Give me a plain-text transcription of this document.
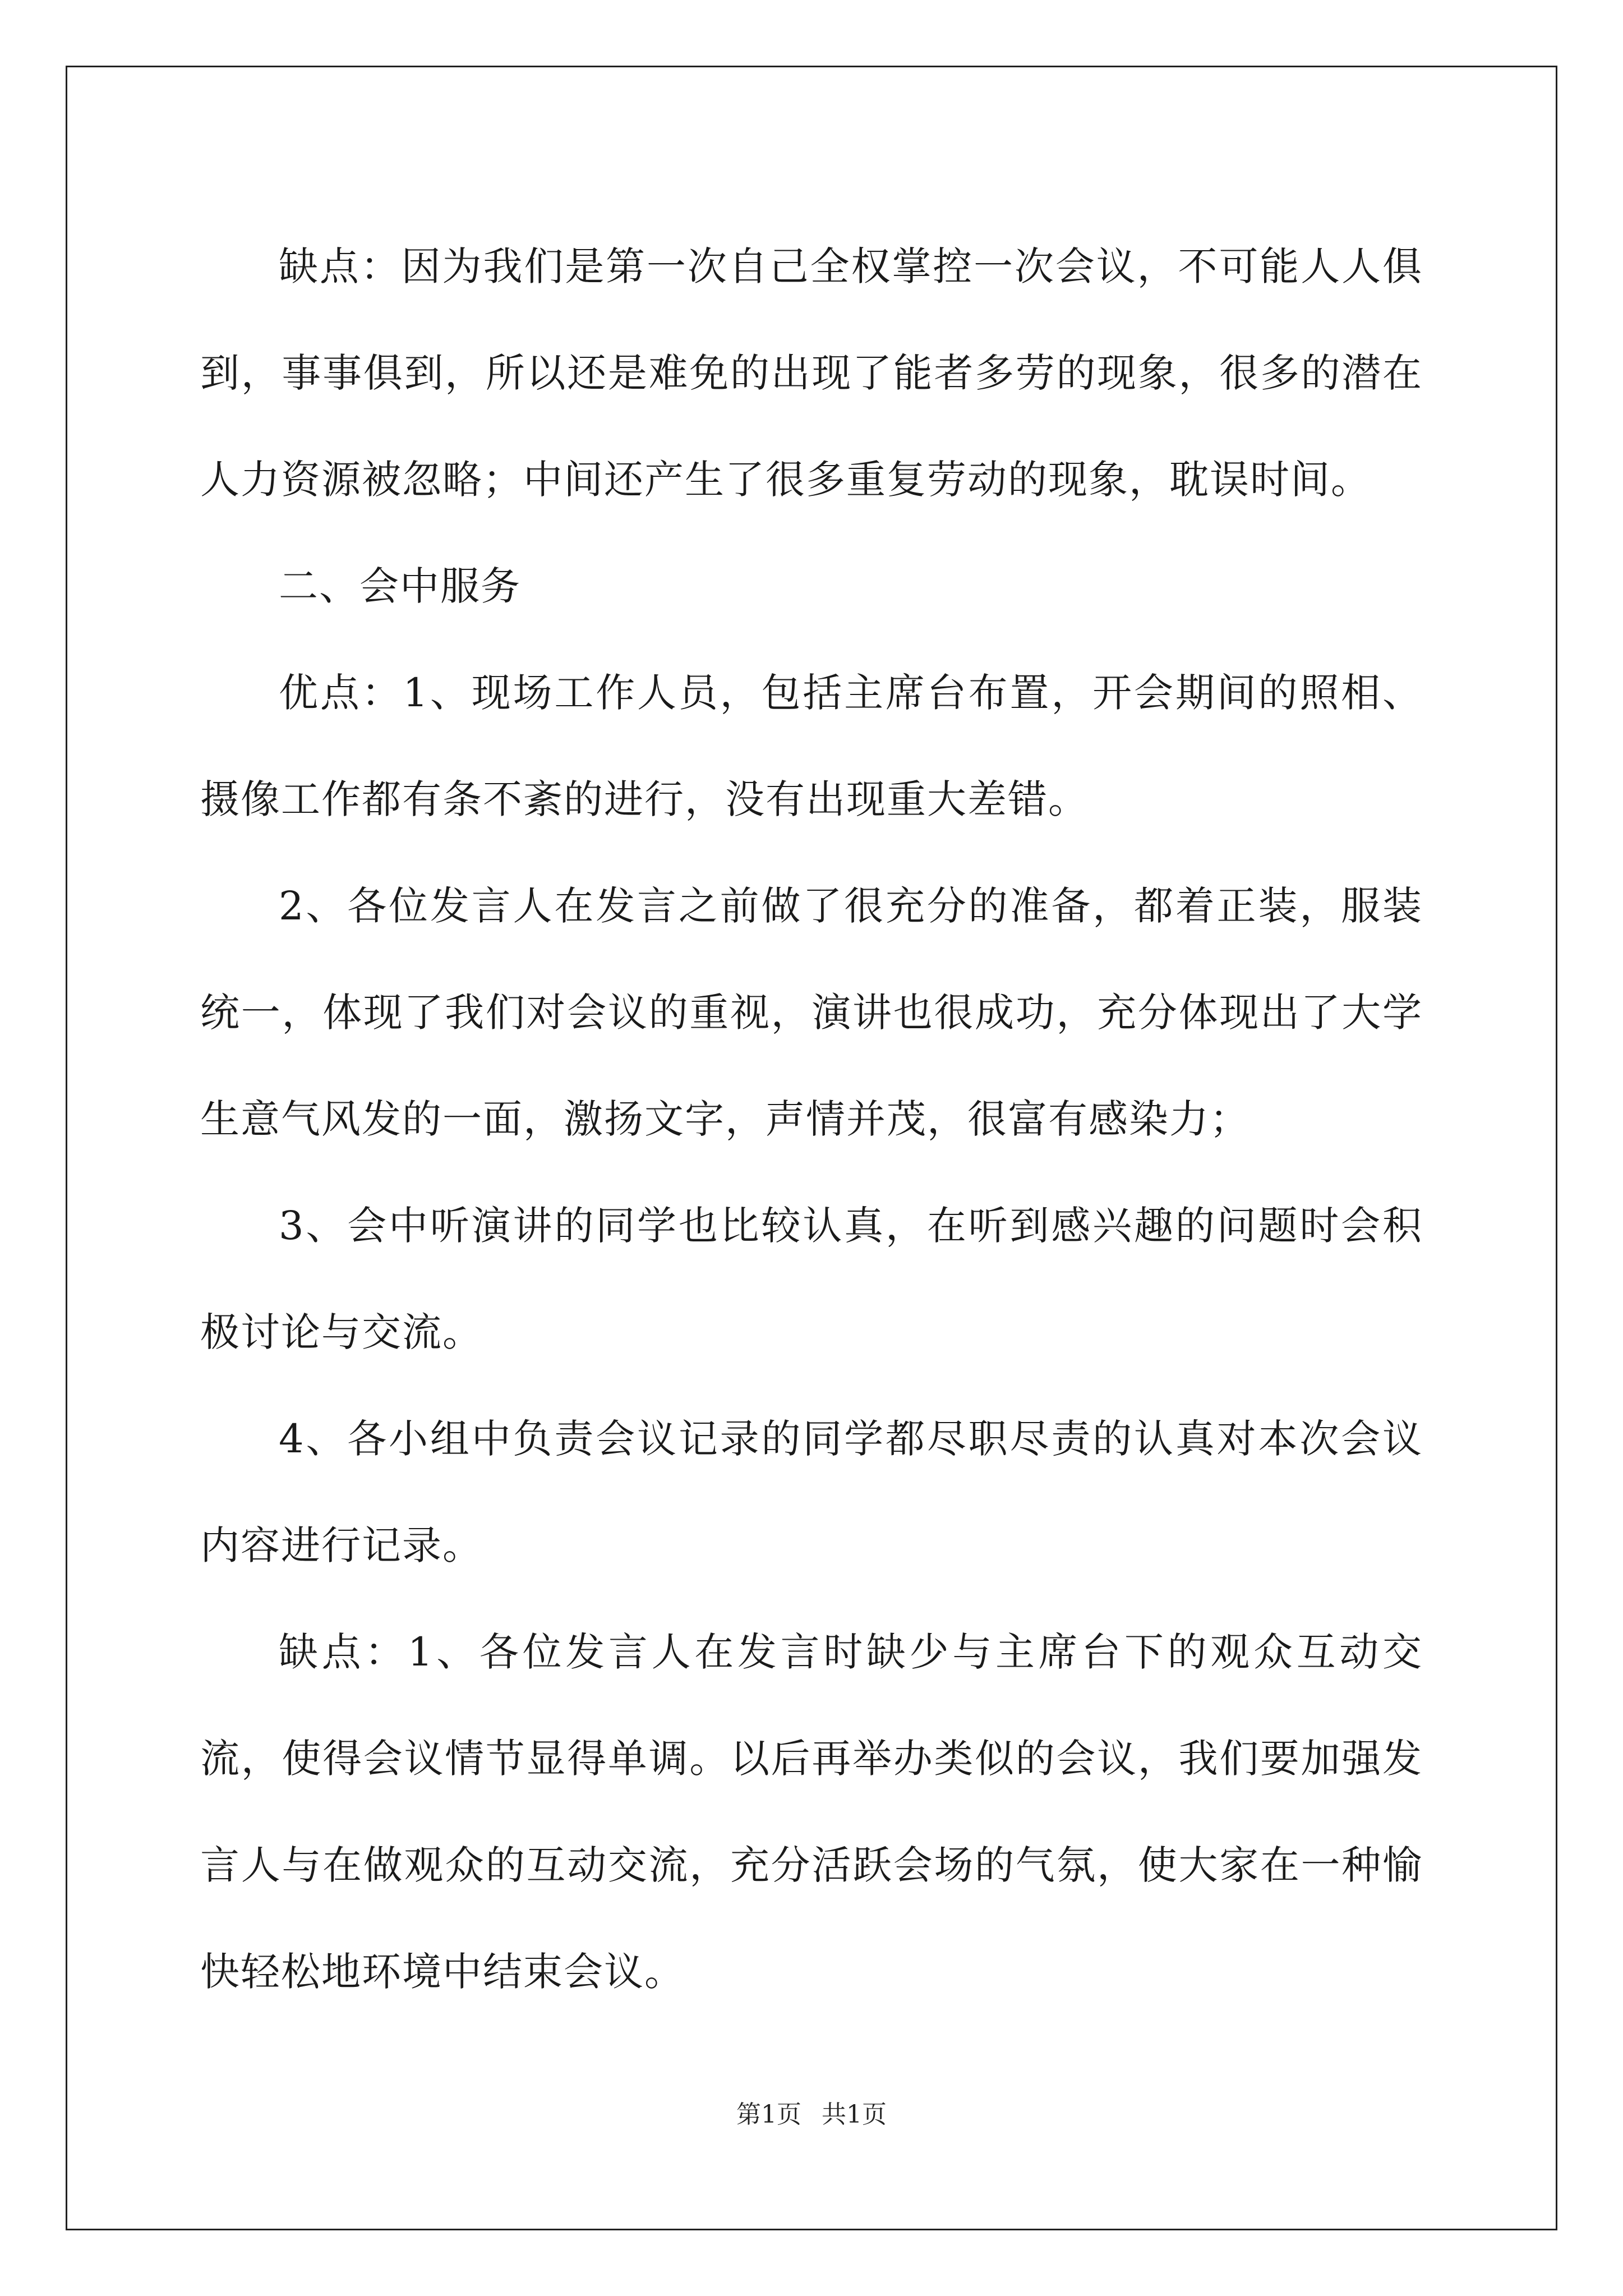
缺点：因为我们是第一次自己全权掌控一次会议，不可能人人俱到，事事俱到，所以还是难免的出现了能者多劳的现象，很多的潜在人力资源被忽略；中间还产生了很多重复劳动的现象，耽误时间。

二、会中服务

优点：1、现场工作人员，包括主席台布置，开会期间的照相、摄像工作都有条不紊的进行，没有出现重大差错。

2、各位发言人在发言之前做了很充分的准备，都着正装，服装统一，体现了我们对会议的重视，演讲也很成功，充分体现出了大学生意气风发的一面，激扬文字，声情并茂，很富有感染力；

3、会中听演讲的同学也比较认真，在听到感兴趣的问题时会积极讨论与交流。

4、各小组中负责会议记录的同学都尽职尽责的认真对本次会议内容进行记录。

缺点：1、各位发言人在发言时缺少与主席台下的观众互动交流，使得会议情节显得单调。以后再举办类似的会议，我们要加强发言人与在做观众的互动交流，充分活跃会场的气氛，使大家在一种愉快轻松地环境中结束会议。

第1页 共1页
